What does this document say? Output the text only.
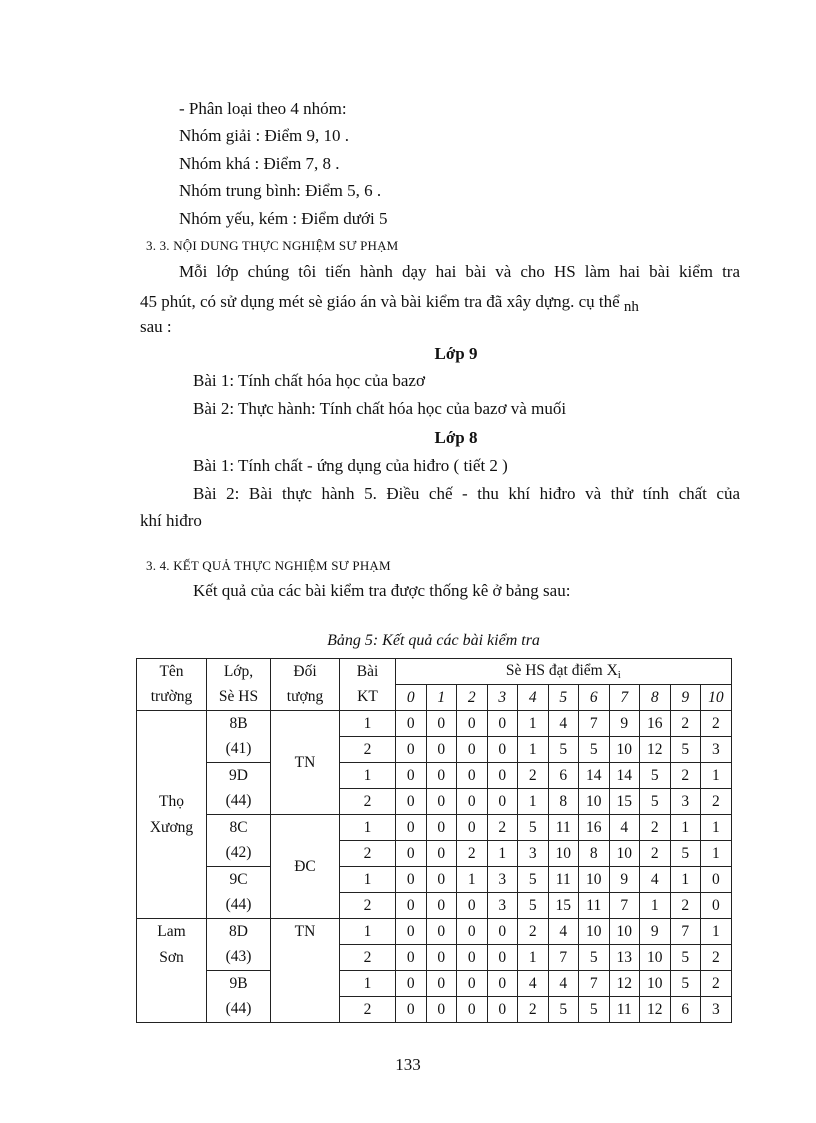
- Phân loại theo 4 nhóm:
Nhóm giải : Điểm 9, 10 .
Nhóm khá : Điểm 7, 8 .
Nhóm trung bình: Điểm 5, 6 .
Nhóm yếu, kém : Điểm dưới 5
3. 3. NỘI DUNG THỰC NGHIỆM SƯ PHẠM
Mỗi lớp chúng tôi tiến hành dạy hai bài và cho HS làm hai bài kiểm tra
45 phút, có sử dụng mét sè giáo án và bài kiểm tra đã xây dựng. cụ thể nh
sau :
Lớp 9
Bài 1: Tính chất hóa học của bazơ
Bài 2: Thực hành: Tính chất hóa học của bazơ và muối
Lớp 8
Bài 1: Tính chất - ứng dụng của hiđro ( tiết 2 )
Bài 2: Bài thực hành 5. Điều chế - thu khí hiđro và thử tính chất của
khí hiđro
3. 4. KẾT QUẢ THỰC NGHIỆM SƯ PHẠM
Kết quả của các bài kiểm tra được thống kê ở bảng sau:
Bảng 5: Kết quả các bài kiểm tra
Tên	Lớp,	Đối	Bài	Sè HS đạt điểm $X_i$
trường	Sè HS	tượng	KT	0	1	2	3	4	5	6	7	8	9	10
	8B	TN	1	0	0	0	0	1	4	7	9	16	2	2
	(41)		2	0	0	0	0	1	5	5	10	12	5	3
	9D		1	0	0	0	0	2	6	14	14	5	2	1
Thọ	(44)		2	0	0	0	0	1	8	10	15	5	3	2
Xương	8C	ĐC	1	0	0	0	2	5	11	16	4	2	1	1
	(42)		2	0	0	2	1	3	10	8	10	2	5	1
	9C		1	0	0	1	3	5	11	10	9	4	1	0
	(44)		2	0	0	0	3	5	15	11	7	1	2	0
Lam	8D	TN	1	0	0	0	0	2	4	10	10	9	7	1
Sơn	(43)		2	0	0	0	0	1	7	5	13	10	5	2
	9B		1	0	0	0	0	4	4	7	12	10	5	2
	(44)		2	0	0	0	0	2	5	5	11	12	6	3
133
